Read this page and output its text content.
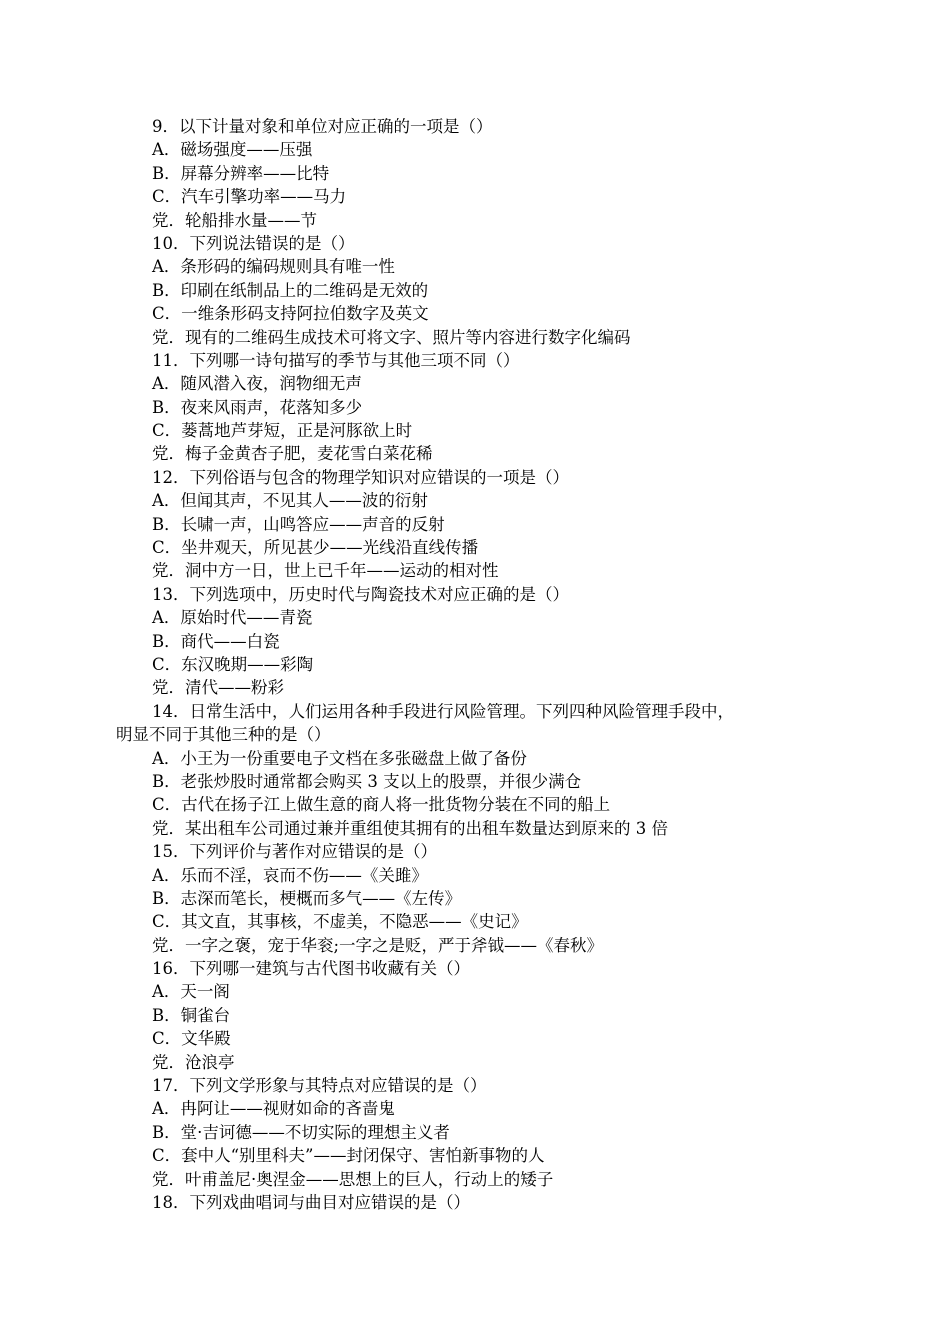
9．以下计量对象和单位对应正确的一项是（）
A．磁场强度——压强
B．屏幕分辨率——比特
C．汽车引擎功率——马力
党．轮船排水量——节
10．下列说法错误的是（）
A．条形码的编码规则具有唯一性
B．印刷在纸制品上的二维码是无效的
C．一维条形码支持阿拉伯数字及英文
党．现有的二维码生成技术可将文字、照片等内容进行数字化编码
11．下列哪一诗句描写的季节与其他三项不同（）
A．随风潜入夜，润物细无声
B．夜来风雨声，花落知多少
C．蒌蒿地芦芽短，正是河豚欲上时
党．梅子金黄杏子肥，麦花雪白菜花稀
12．下列俗语与包含的物理学知识对应错误的一项是（）
A．但闻其声，不见其人——波的衍射
B．长啸一声，山鸣答应——声音的反射
C．坐井观天，所见甚少——光线沿直线传播
党．洞中方一日，世上已千年——运动的相对性
13．下列选项中，历史时代与陶瓷技术对应正确的是（）
A．原始时代——青瓷
B．商代——白瓷
C．东汉晚期——彩陶
党．清代——粉彩
14．日常生活中，人们运用各种手段进行风险管理。下列四种风险管理手段中，
明显不同于其他三种的是（）
A．小王为一份重要电子文档在多张磁盘上做了备份
B．老张炒股时通常都会购买 3 支以上的股票，并很少满仓
C．古代在扬子江上做生意的商人将一批货物分装在不同的船上
党．某出租车公司通过兼并重组使其拥有的出租车数量达到原来的 3 倍
15．下列评价与著作对应错误的是（）
A．乐而不淫，哀而不伤——《关雎》
B．志深而笔长，梗概而多气——《左传》
C．其文直，其事核，不虚美，不隐恶——《史记》
党．一字之褒，宠于华衮;一字之是贬，严于斧钺——《春秋》
16．下列哪一建筑与古代图书收藏有关（）
A．天一阁
B．铜雀台
C．文华殿
党．沧浪亭
17．下列文学形象与其特点对应错误的是（）
A．冉阿让——视财如命的吝啬鬼
B．堂·吉诃德——不切实际的理想主义者
C．套中人“别里科夫”——封闭保守、害怕新事物的人
党．叶甫盖尼·奥涅金——思想上的巨人，行动上的矮子
18．下列戏曲唱词与曲目对应错误的是（）
